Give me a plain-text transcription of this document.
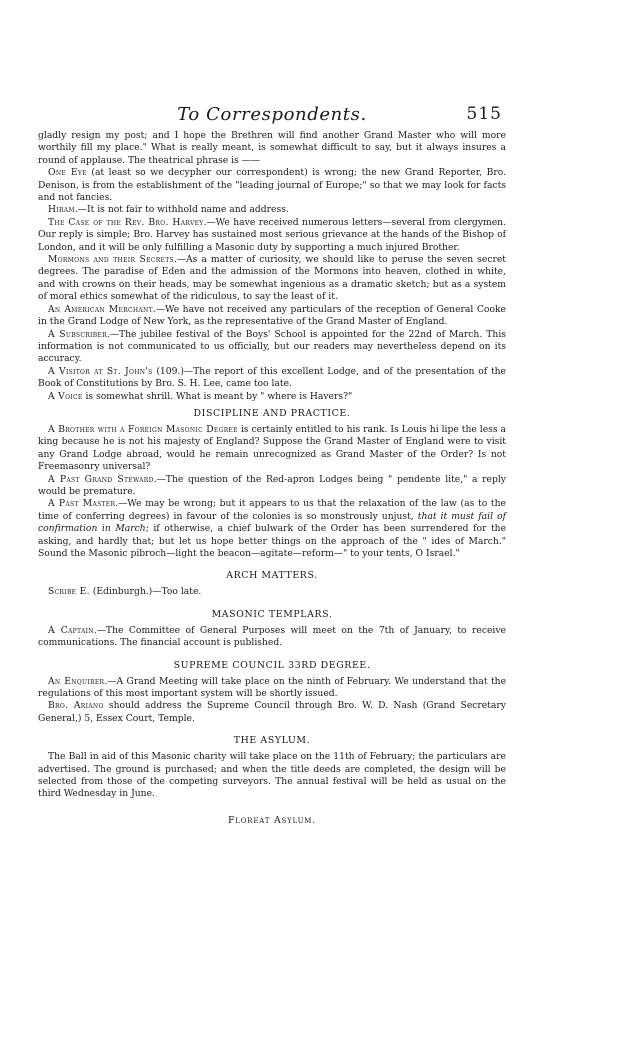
To Correspondents.	515

gladly resign my post; and I hope the Brethren will find another Grand Master who will more worthily fill my place." What is really meant, is somewhat difficult to say, but it always insures a round of applause. The theatrical phrase is ——

One Eye (at least so we decypher our correspondent) is wrong; the new Grand Reporter, Bro. Denison, is from the establishment of the "leading journal of Europe;" so that we may look for facts and not fancies.

Hiram.—It is not fair to withhold name and address.

The Case of the Rev. Bro. Harvey.—We have received numerous letters—several from clergymen. Our reply is simple; Bro. Harvey has sustained most serious grievance at the hands of the Bishop of London, and it will be only fulfilling a Masonic duty by supporting a much injured Brother.

Mormons and their Secrets.—As a matter of curiosity, we should like to peruse the seven secret degrees. The paradise of Eden and the admission of the Mormons into heaven, clothed in white, and with crowns on their heads, may be somewhat ingenious as a dramatic sketch; but as a system of moral ethics somewhat of the ridiculous, to say the least of it.

An American Merchant.—We have not received any particulars of the reception of General Cooke in the Grand Lodge of New York, as the representative of the Grand Master of England.

A Subscriber.—The jubilee festival of the Boys' School is appointed for the 22nd of March. This information is not communicated to us officially, but our readers may nevertheless depend on its accuracy.

A Visitor at St. John's (109.)—The report of this excellent Lodge, and of the presentation of the Book of Constitutions by Bro. S. H. Lee, came too late.

A Voice is somewhat shrill. What is meant by " where is Havers?"

DISCIPLINE AND PRACTICE.

A Brother with a Foreign Masonic Degree is certainly entitled to his rank. Is Louis hi lipe the less a king because he is not his majesty of England? Suppose the Grand Master of England were to visit any Grand Lodge abroad, would he remain unrecognized as Grand Master of the Order? Is not Freemasonry universal?

A Past Grand Steward.—The question of the Red-apron Lodges being " pendente lite," a reply would be premature.

A Past Master.—We may be wrong; but it appears to us that the relaxation of the law (as to the time of conferring degrees) in favour of the colonies is so monstrously unjust, that it must fail of confirmation in March; if otherwise, a chief bulwark of the Order has been surrendered for the asking, and hardly that; but let us hope better things on the approach of the " ides of March." Sound the Masonic pibroch—light the beacon—agitate—reform—" to your tents, O Israel."

ARCH MATTERS.

Scribe E. (Edinburgh.)—Too late.

MASONIC TEMPLARS.

A Captain.—The Committee of General Purposes will meet on the 7th of January, to receive communications. The financial account is published.

SUPREME COUNCIL 33RD DEGREE.

An Enquirer.—A Grand Meeting will take place on the ninth of February. We understand that the regulations of this most important system will be shortly issued.

Bro. Ariano should address the Supreme Council through Bro. W. D. Nash (Grand Secretary General,) 5, Essex Court, Temple.

THE ASYLUM.

The Ball in aid of this Masonic charity will take place on the 11th of February; the particulars are advertised. The ground is purchased; and when the title deeds are completed, the design will be selected from those of the competing surveyors. The annual festival will be held as usual on the third Wednesday in June.

Floreat Asylum.
